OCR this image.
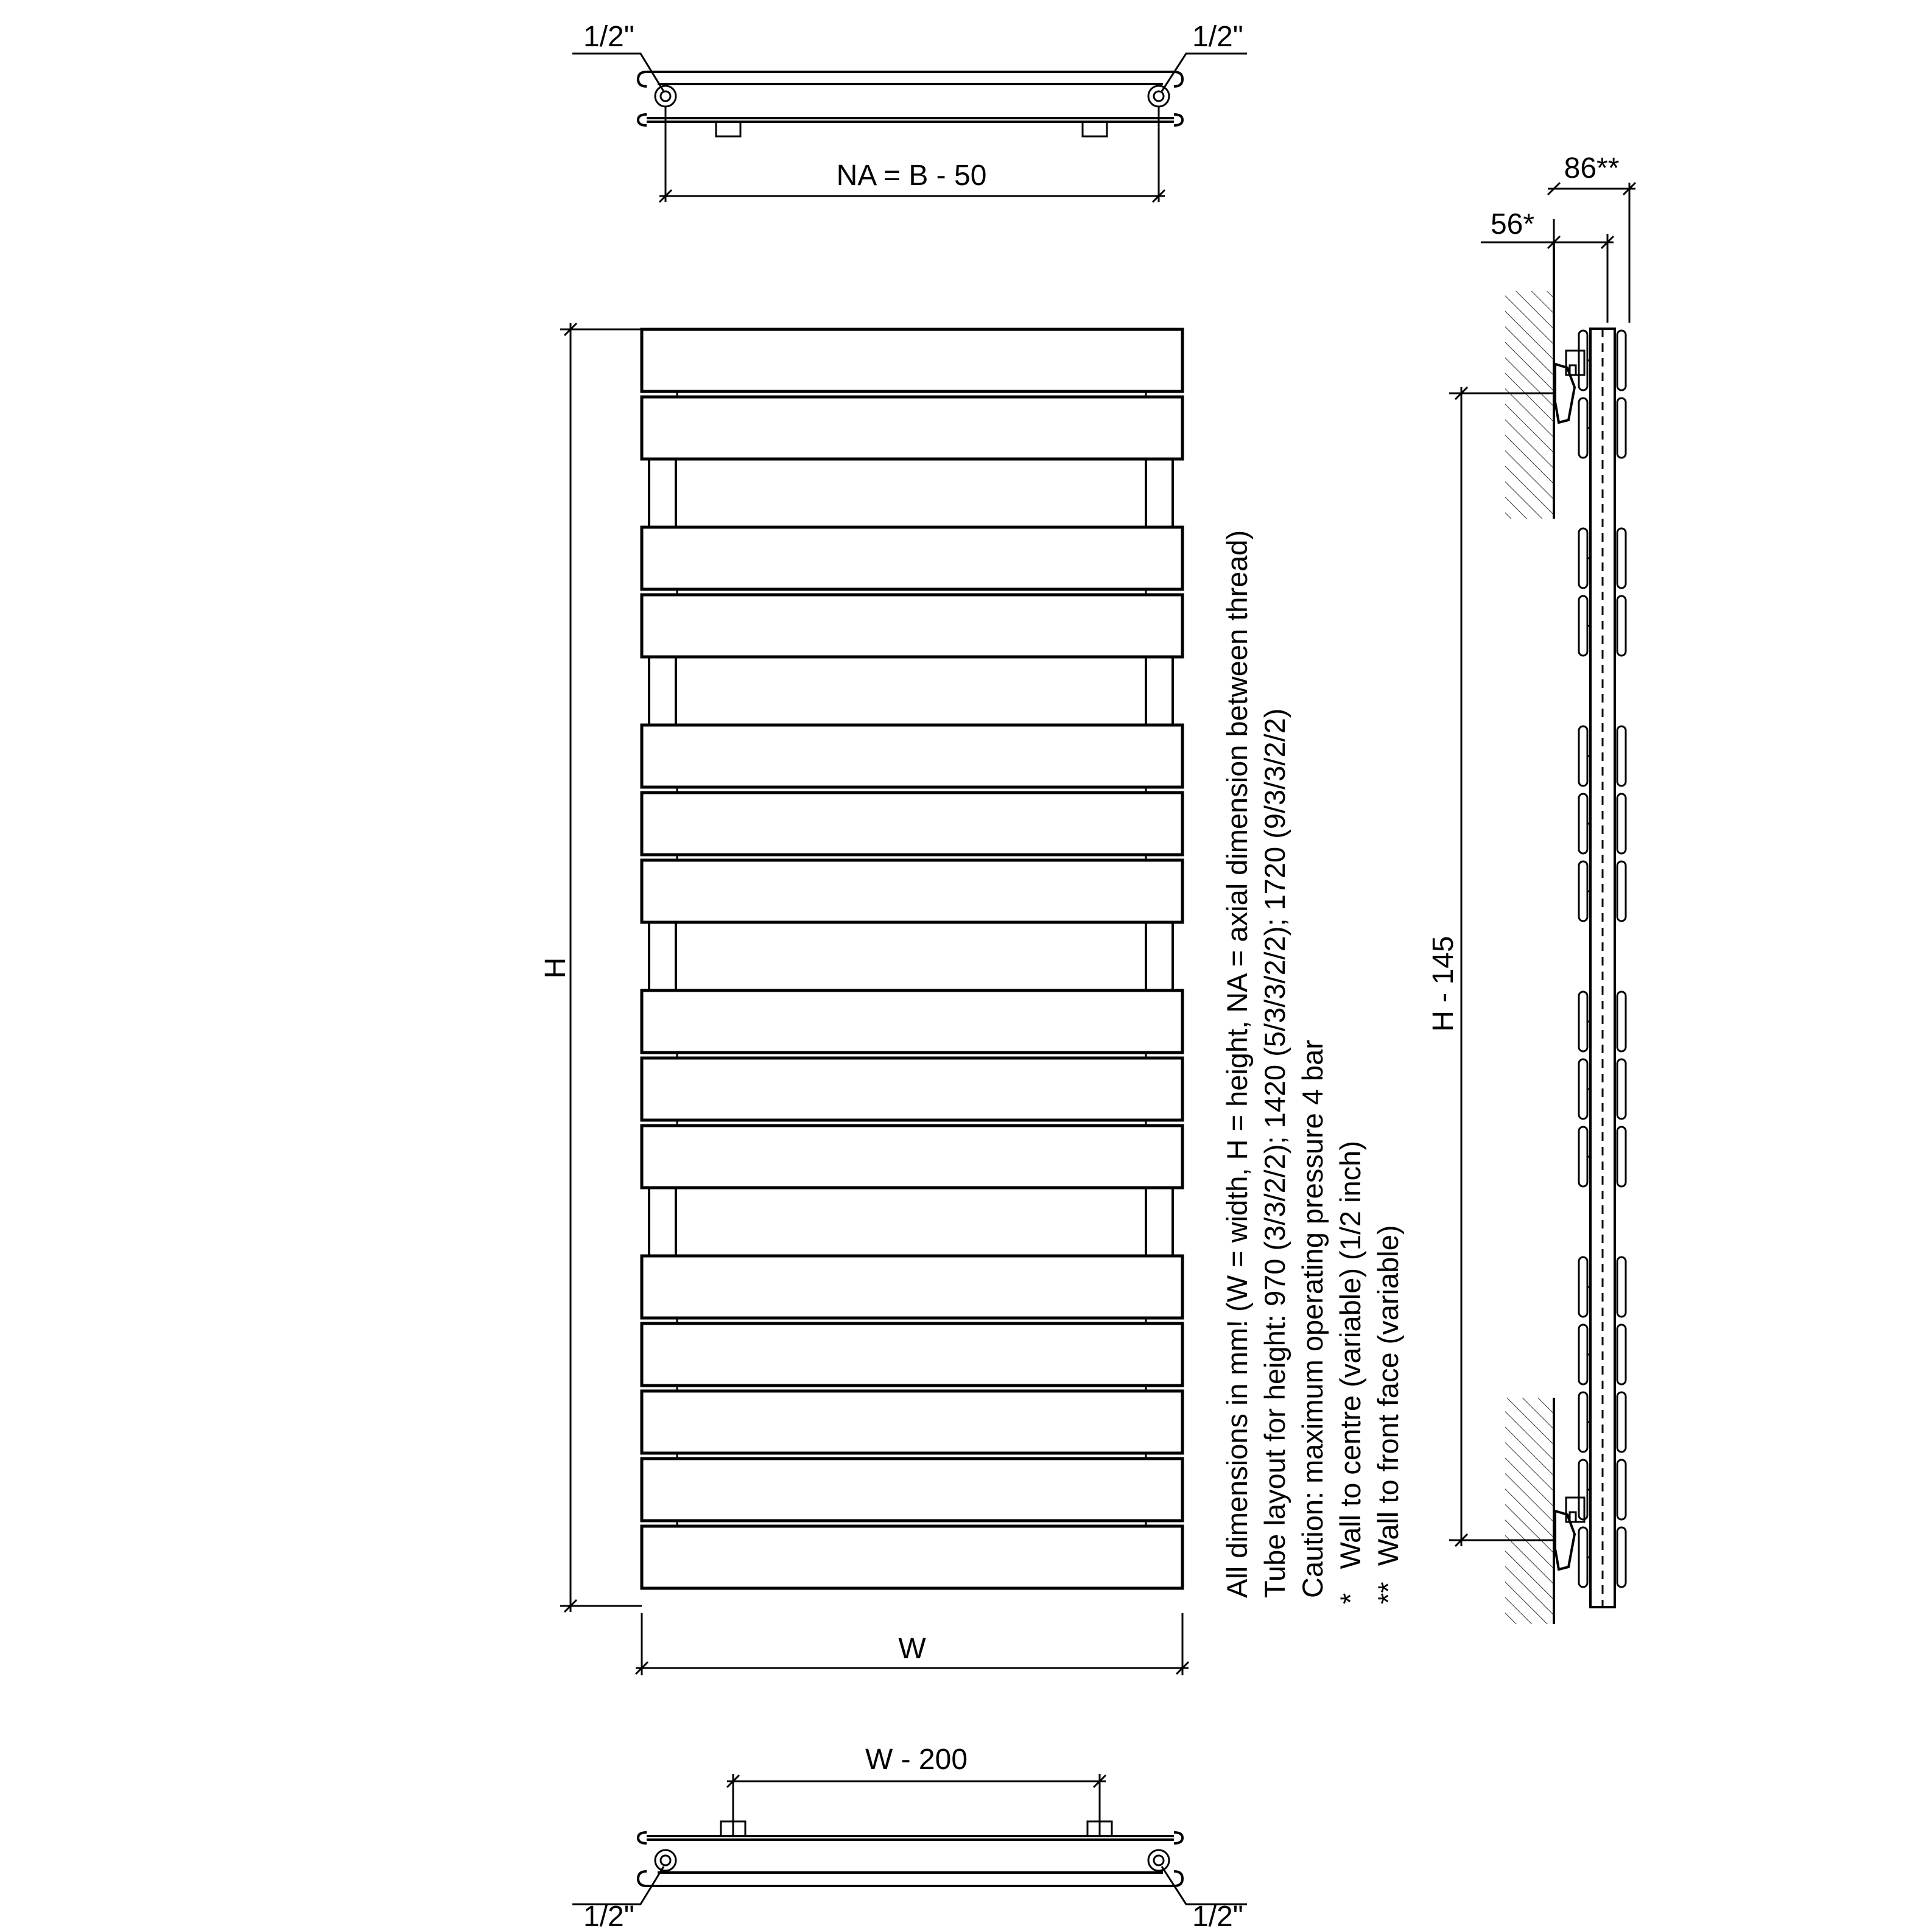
1/2"	1/2"
NA = B - 50
H
W
All dimensions in mm! (W = width, H = height, NA = axial dimension between thread) Tube layout for height: 970 (3/3/2/2); 1420 (5/3/3/2/2); 1720 (9/3/3/2/2) Caution: maximum operating pressure 4 bar *   Wall to centre (variable) (1/2 inch) **  Wall to front face (variable)
W - 200
1/2"	1/2"
86**
56*
H - 145
